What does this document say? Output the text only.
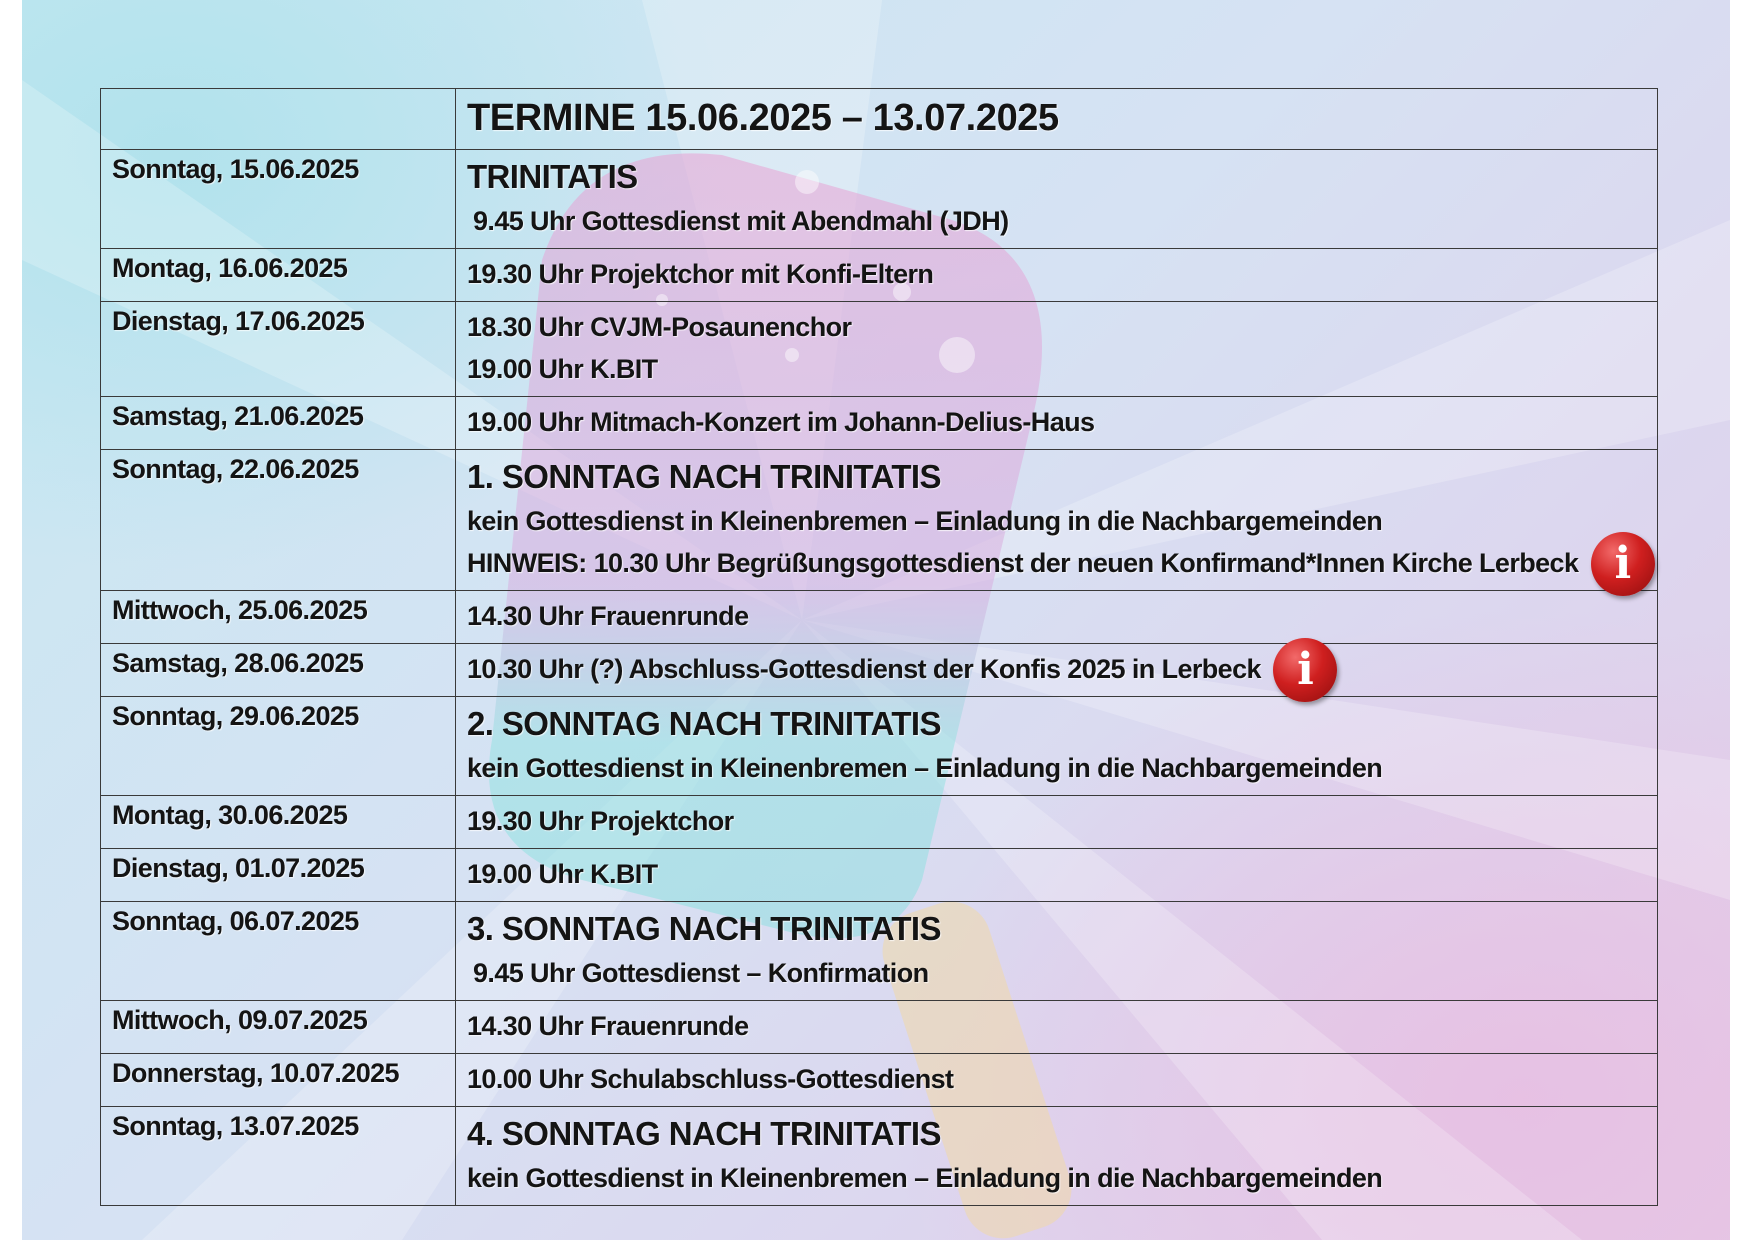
	TERMINE 15.06.2025 – 13.07.2025

Sonntag, 15.06.2025	TRINITATIS
9.45 Uhr Gottesdienst mit Abendmahl (JDH)

Montag, 16.06.2025	19.30 Uhr Projektchor mit Konfi-Eltern

Dienstag, 17.06.2025	18.30 Uhr CVJM-Posaunenchor
19.00 Uhr K.BIT

Samstag, 21.06.2025	19.00 Uhr Mitmach-Konzert im Johann-Delius-Haus

Sonntag, 22.06.2025	1. SONNTAG NACH TRINITATIS
kein Gottesdienst in Kleinenbremen – Einladung in die Nachbargemeinden
HINWEIS: 10.30 Uhr Begrüßungsgottesdienst der neuen Konfirmand*Innen Kirche Lerbeck i

Mittwoch, 25.06.2025	14.30 Uhr Frauenrunde

Samstag, 28.06.2025	10.30 Uhr (?) Abschluss-Gottesdienst der Konfis 2025 in Lerbeck i

Sonntag, 29.06.2025	2. SONNTAG NACH TRINITATIS
kein Gottesdienst in Kleinenbremen – Einladung in die Nachbargemeinden

Montag, 30.06.2025	19.30 Uhr Projektchor

Dienstag, 01.07.2025	19.00 Uhr K.BIT

Sonntag, 06.07.2025	3. SONNTAG NACH TRINITATIS
9.45 Uhr Gottesdienst – Konfirmation

Mittwoch, 09.07.2025	14.30 Uhr Frauenrunde

Donnerstag, 10.07.2025	10.00 Uhr Schulabschluss-Gottesdienst

Sonntag, 13.07.2025	4. SONNTAG NACH TRINITATIS
kein Gottesdienst in Kleinenbremen – Einladung in die Nachbargemeinden
